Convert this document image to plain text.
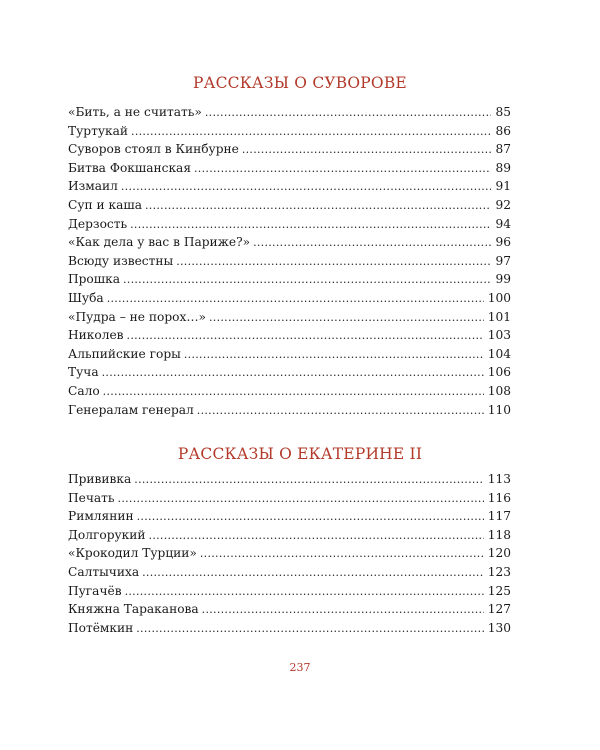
РАССКАЗЫ О СУВОРОВЕ
«Бить, а не считать» . . .	85
Туртукай . . .	86
Суворов стоял в Кинбурне . . .	87
Битва Фокшанская . . .	89
Измаил . . .	91
Суп и каша . . .	92
Дерзость . . .	94
«Как дела у вас в Париже?» . . .	96
Всюду известны . . .	97
Прошка . . .	99
Шуба . . .	100
«Пудра – не порох…» . . .	101
Николев . . .	103
Альпийские горы . . .	104
Туча . . .	106
Сало . . .	108
Генералам генерал . . .	110
РАССКАЗЫ О ЕКАТЕРИНЕ II
Прививка . . .	113
Печать . . .	116
Римлянин . . .	117
Долгорукий . . .	118
«Крокодил Турции» . . .	120
Салтычиха . . .	123
Пугачёв . . .	125
Княжна Тараканова . . .	127
Потёмкин . . .	130
237
